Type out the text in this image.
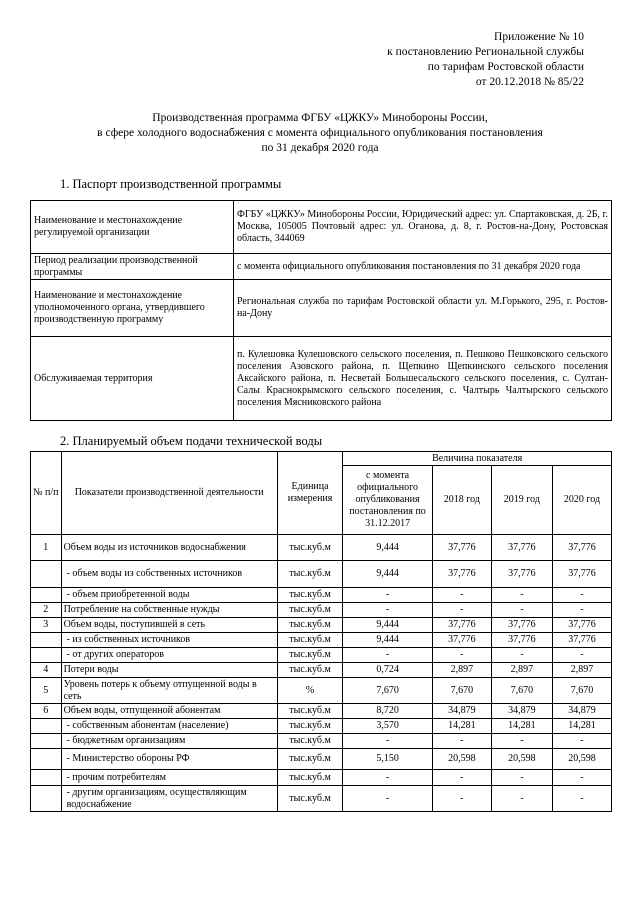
Приложение № 10
к постановлению Региональной службы
по тарифам Ростовской области
от 20.12.2018 № 85/22
Производственная программа ФГБУ «ЦЖКУ» Минобороны России,
в сфере холодного водоснабжения с момента официального опубликования постановления
по 31 декабря 2020 года
1. Паспорт производственной программы
Наименование и местонахождение регулируемой организации	ФГБУ «ЦЖКУ» Минобороны России, Юридический адрес: ул. Спартаковская, д. 2Б, г. Москва, 105005 Почтовый адрес: ул. Оганова, д. 8, г. Ростов-на-Дону, Ростовская область, 344069
Период реализации производственной программы	с момента официального опубликования постановления по 31 декабря 2020 года
Наименование и местонахождение уполномоченного органа, утвердившего производственную программу	Региональная служба по тарифам Ростовской области ул. М.Горького, 295, г. Ростов-на-Дону
Обслуживаемая территория	п. Кулешовка Кулешовского сельского поселения, п. Пешково Пешковского сельского поселения Азовского района, п. Щепкино Щепкинского сельского поселения Аксайского района, п. Несветай Большесальского сельского поселения, с. Султан-Салы Краснокрымского сельского поселения, с. Чалтырь Чалтырского сельского поселения Мясниковского района
2. Планируемый объем подачи технической воды
№ п/п	Показатели производственной деятельности	Единица измерения	Величина показателя			
			с момента официального опубликования постановления по 31.12.2017	2018 год	2019 год	2020 год
1	Объем воды из источников водоснабжения	тыс.куб.м	9,444	37,776	37,776	37,776
	- объем воды из собственных источников	тыс.куб.м	9,444	37,776	37,776	37,776
	- объем приобретенной воды	тыс.куб.м	-	-	-	-
2	Потребление на собственные нужды	тыс.куб.м	-	-	-	-
3	Объем воды, поступившей в сеть	тыс.куб.м	9,444	37,776	37,776	37,776
	- из собственных источников	тыс.куб.м	9,444	37,776	37,776	37,776
	- от других операторов	тыс.куб.м	-	-	-	-
4	Потери воды	тыс.куб.м	0,724	2,897	2,897	2,897
5	Уровень потерь к объему отпущенной воды в сеть	%	7,670	7,670	7,670	7,670
6	Объем воды, отпущенной абонентам	тыс.куб.м	8,720	34,879	34,879	34,879
	- собственным абонентам (население)	тыс.куб.м	3,570	14,281	14,281	14,281
	- бюджетным организациям	тыс.куб.м	-	-	-	-
	- Министерство обороны РФ	тыс.куб.м	5,150	20,598	20,598	20,598
	- прочим потребителям	тыс.куб.м	-	-	-	-
	- другим организациям, осуществляющим водоснабжение	тыс.куб.м	-	-	-	-
